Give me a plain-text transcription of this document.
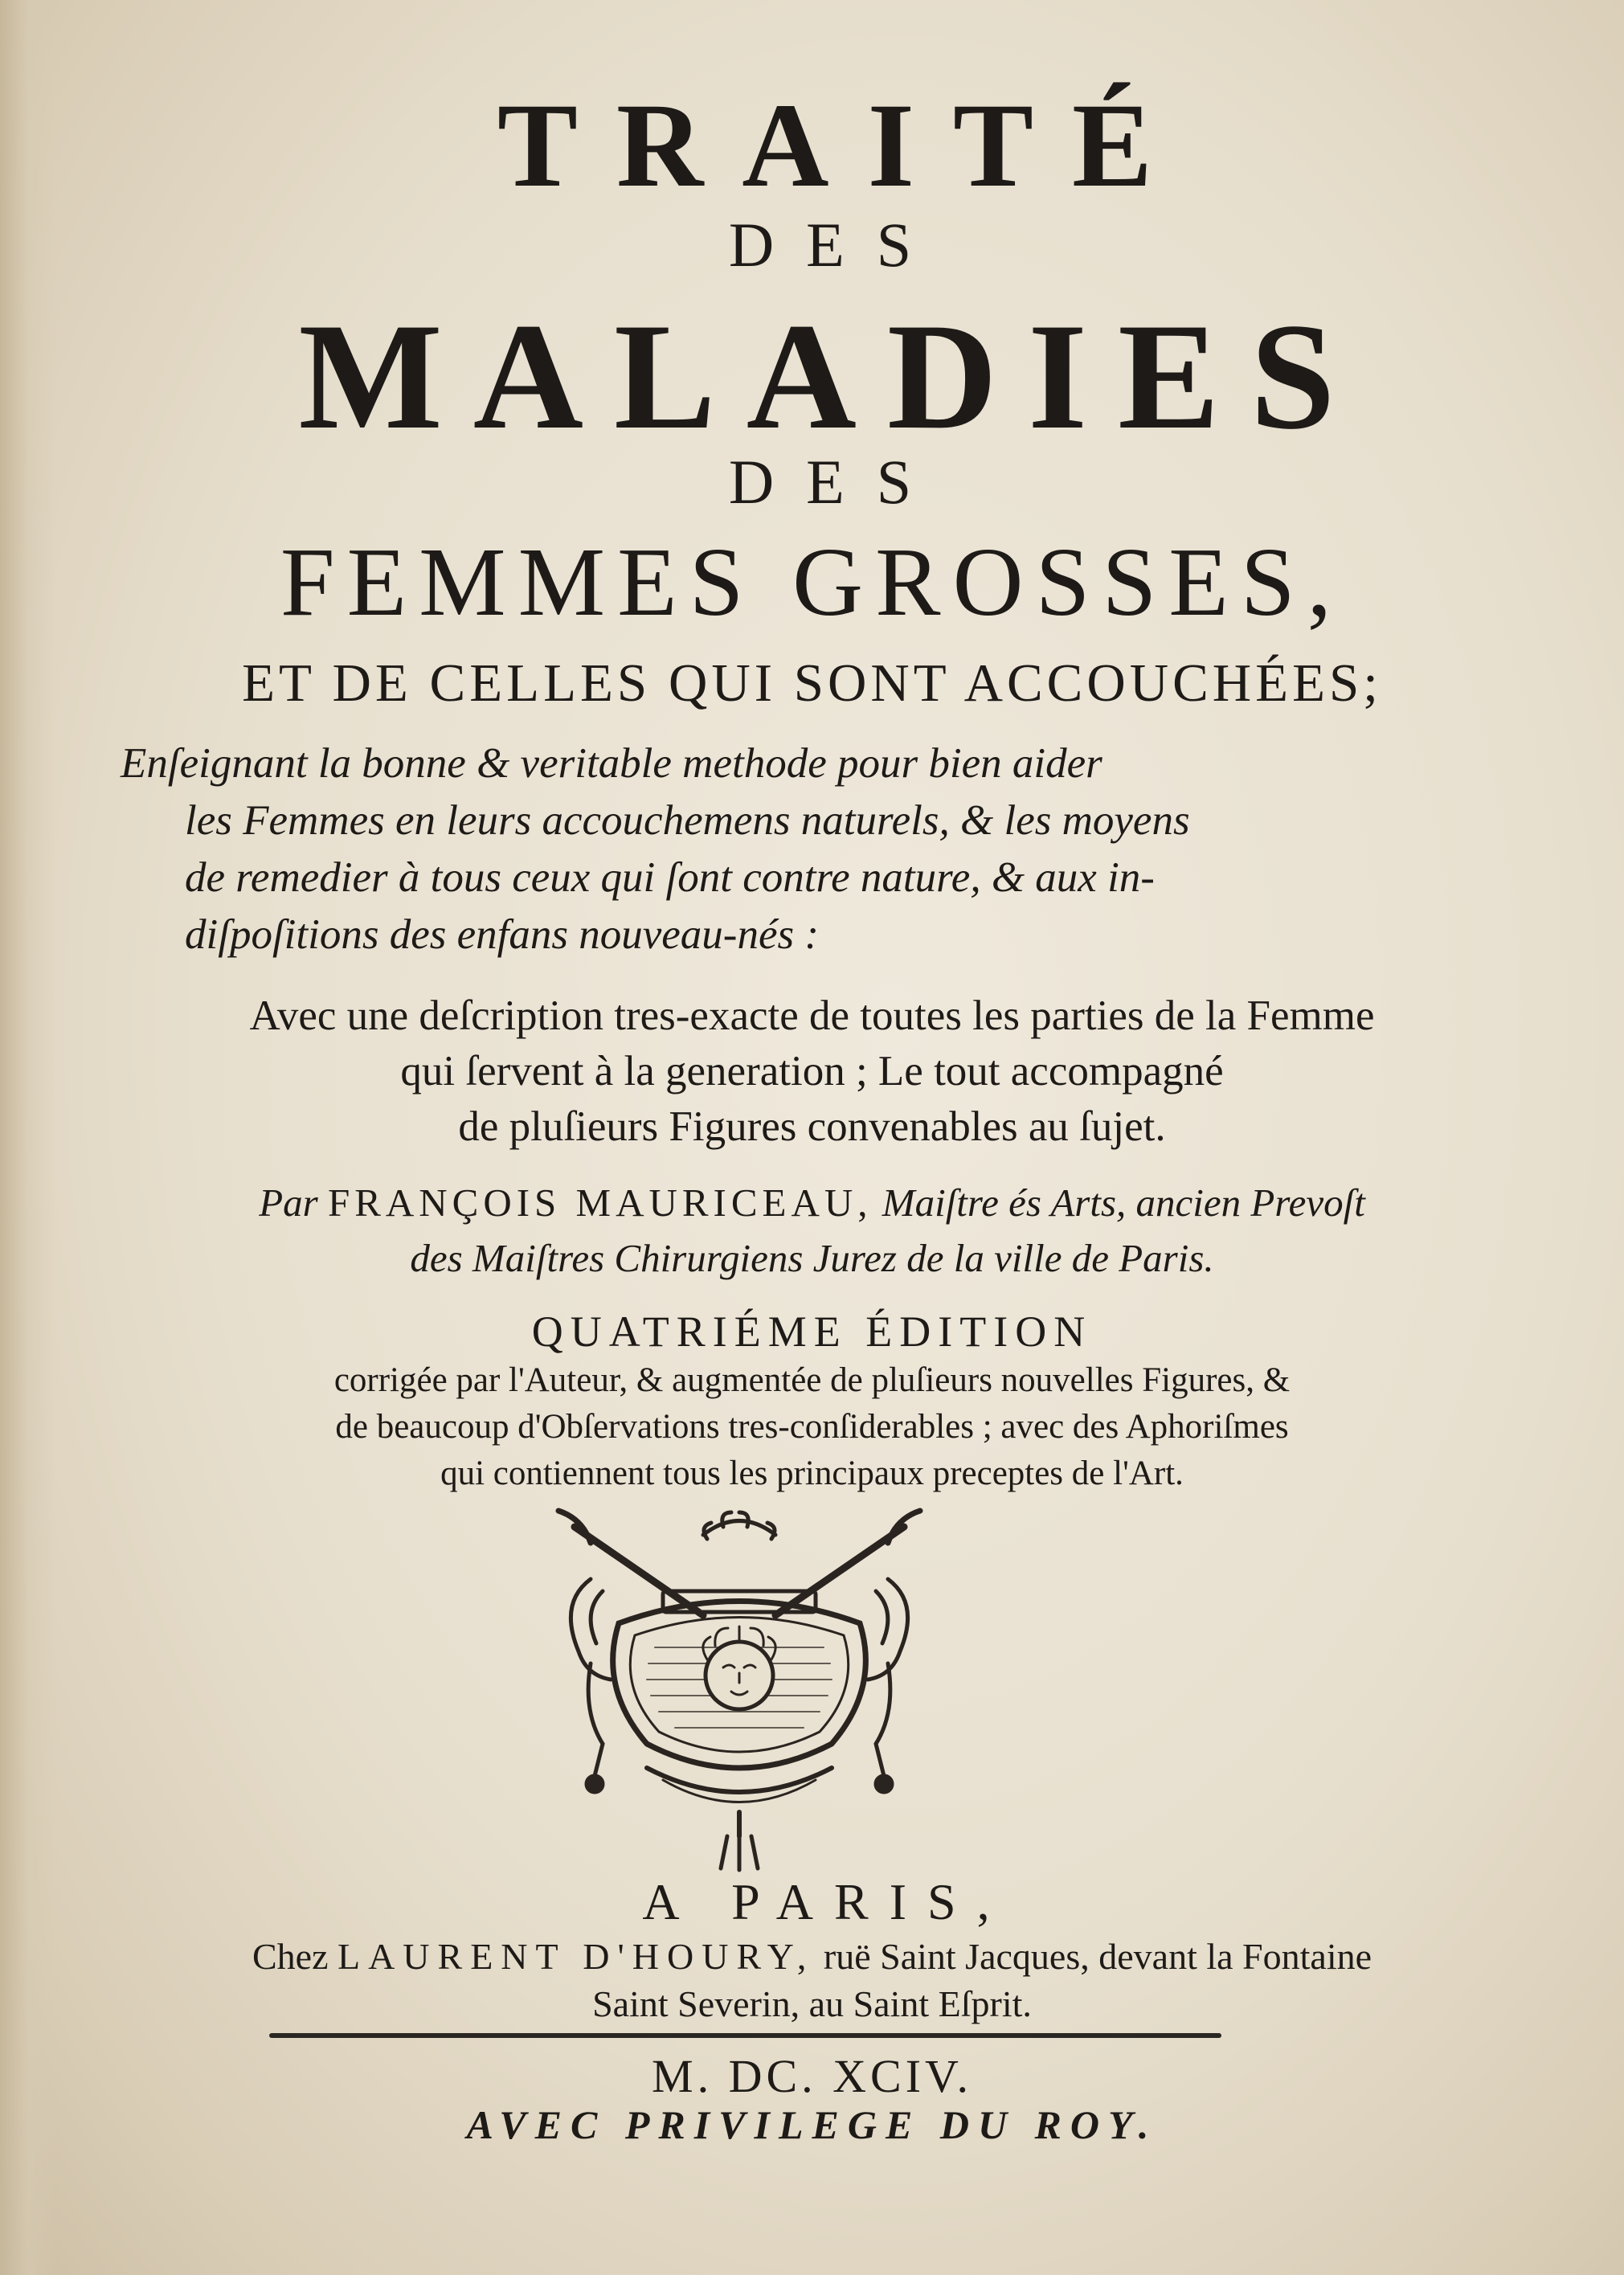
TRAITÉ
DES
MALADIES
DES
FEMMES GROSSES,
ET DE CELLES QUI SONT ACCOUCHÉES;
Enſeignant la bonne & veritable methode pour bien aider
les Femmes en leurs accouchemens naturels, & les moyens
de remedier à tous ceux qui ſont contre nature, & aux in-
diſpoſitions des enfans nouveau-nés :
Avec une deſcription tres-exacte de toutes les parties de la Femme
qui ſervent à la generation ; Le tout accompagné
de pluſieurs Figures convenables au ſujet.
Par FRANÇOIS MAURICEAU, Maiſtre és Arts, ancien Prevoſt
des Maiſtres Chirurgiens Jurez de la ville de Paris.
QUATRIÉME ÉDITION
corrigée par l'Auteur, & augmentée de pluſieurs nouvelles Figures, &
de beaucoup d'Obſervations tres-conſiderables ; avec des Aphoriſmes
qui contiennent tous les principaux preceptes de l'Art.
A PARIS,
Chez LAURENT D'HOURY, ruë Saint Jacques, devant la Fontaine
Saint Severin, au Saint Eſprit.
M. DC. XCIV.
AVEC PRIVILEGE DU ROY.
